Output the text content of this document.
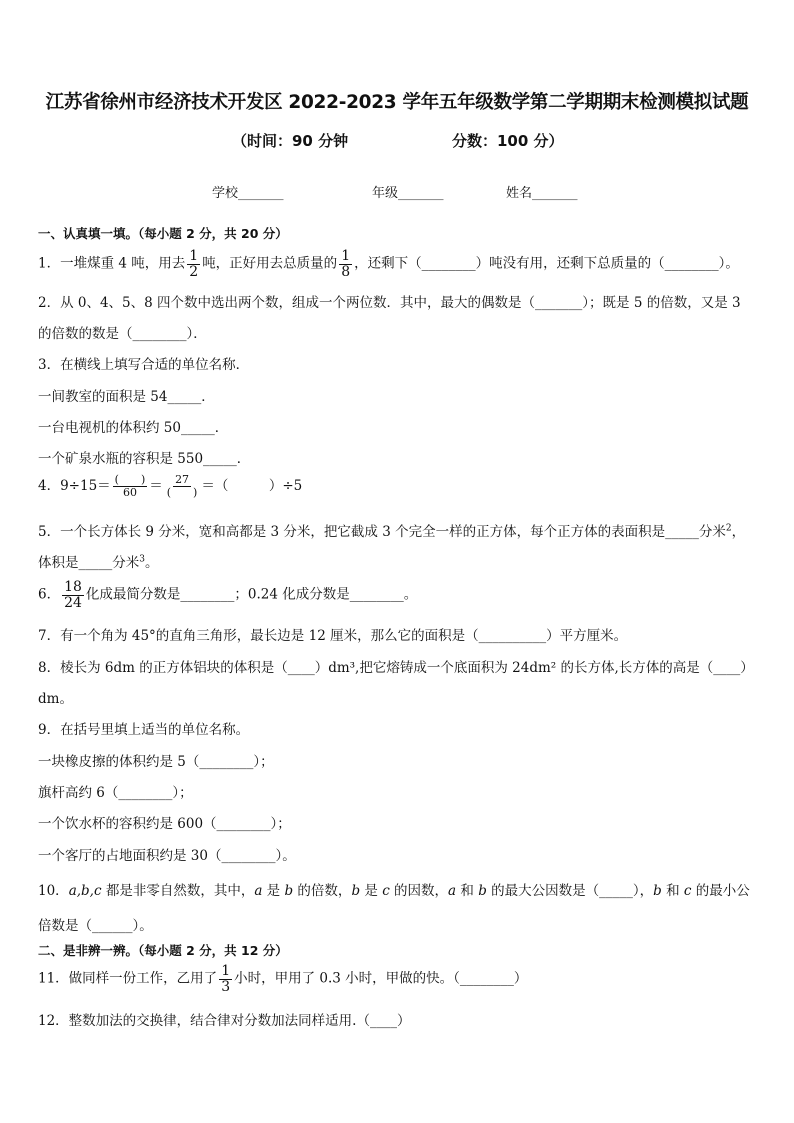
江苏省徐州市经济技术开发区 2022-2023 学年五年级数学第二学期期末检测模拟试题
（时间：90 分钟	分数：100 分）
学校_______	年级_______	姓名_______
一、认真填一填。（每小题 2 分，共 20 分）
1．一堆煤重 4 吨，用去 $\frac{1}{2}$ 吨，正好用去总质量的 $\frac{1}{8}$ ，还剩下（________）吨没有用，还剩下总质量的（________）。
2．从 0、4、5、8 四个数中选出两个数，组成一个两位数．其中，最大的偶数是（_______）；既是 5 的倍数，又是 3
的倍数的数是（________）．
3．在横线上填写合适的单位名称．
一间教室的面积是 54_____．
一台电视机的体积约 50_____．
一个矿泉水瓶的容积是 550_____．
4．$9\div 15= \frac{( )}{60} = \frac{27}{( )}$ ＝（　　　）÷5
5．一个长方体长 9 分米，宽和高都是 3 分米，把它截成 3 个完全一样的正方体，每个正方体的表面积是_____分米$^2$，
体积是_____分米$^3$。
6． $\frac{18}{24}$ 化成最简分数是________；0.24 化成分数是________。
7．有一个角为 45°的直角三角形，最长边是 12 厘米，那么它的面积是（__________）平方厘米。
8．棱长为 6dm 的正方体铝块的体积是（____）dm³,把它熔铸成一个底面积为 24dm² 的长方体,长方体的高是（____）
dm。
9．在括号里填上适当的单位名称。
一块橡皮擦的体积约是 5（________）；
旗杆高约 6（________）；
一个饮水杯的容积约是 600（________）；
一个客厅的占地面积约是 30（________）。
10．a,b,c 都是非零自然数，其中，a 是 b 的倍数，b 是 c 的因数，a 和 b 的最大公因数是（_____），b 和 c 的最小公
倍数是（______）。
二、是非辨一辨。（每小题 2 分，共 12 分）
11．做同样一份工作，乙用了 $\frac{1}{3}$ 小时，甲用了 0.3 小时，甲做的快。（________）
12．整数加法的交换律，结合律对分数加法同样适用.（____）
